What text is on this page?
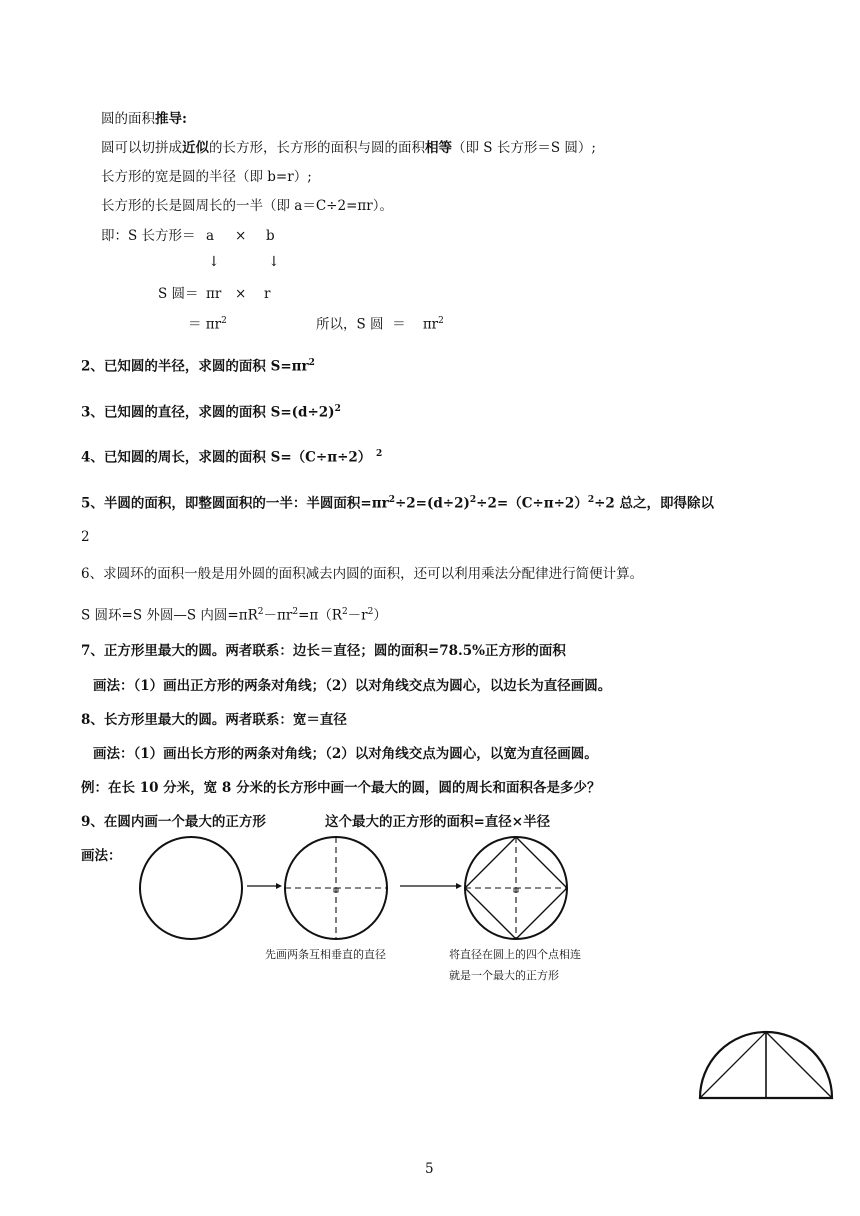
圆的面积推导:
圆可以切拼成近似的长方形，长方形的面积与圆的面积相等（即 S 长方形＝S 圆）;
长方形的宽是圆的半径（即 b=r）;
长方形的长是圆周长的一半（即 a＝C÷2=πr）。
即：S 长方形＝ a × b
↓	↓
S 圆＝ πr × r
＝ $\pi r^2$	所以，S 圆 ＝ $\pi r^2$
2、已知圆的半径，求圆的面积 $S=\pi r^2$
3、已知圆的直径，求圆的面积 $S=(d\div 2)^2$
4、已知圆的周长，求圆的面积 S=（C÷π÷2） $^2$
5、半圆的面积，即整圆面积的一半：半圆面积$=\pi r^2\div 2=(d\div 2)^2\div 2=(C\div\pi\div 2)^2\div 2$ 总之，即得除以
2
6、求圆环的面积一般是用外圆的面积减去内圆的面积，还可以利用乘法分配律进行简便计算。
S 圆环=S 外圆—S 内圆$=\pi R^2-\pi r^2=\pi(R^2-r^2)$
7、正方形里最大的圆。两者联系：边长＝直径；圆的面积=78.5%正方形的面积
画法：（1）画出正方形的两条对角线；（2）以对角线交点为圆心，以边长为直径画圆。
8、长方形里最大的圆。两者联系：宽＝直径
画法：（1）画出长方形的两条对角线；（2）以对角线交点为圆心，以宽为直径画圆。
例：在长 10 分米，宽 8 分米的长方形中画一个最大的圆，圆的周长和面积各是多少？
9、在圆内画一个最大的正方形	这个最大的正方形的面积=直径×半径
画法：
先画两条互相垂直的直径	将直径在圆上的四个点相连
就是一个最大的正方形
5
